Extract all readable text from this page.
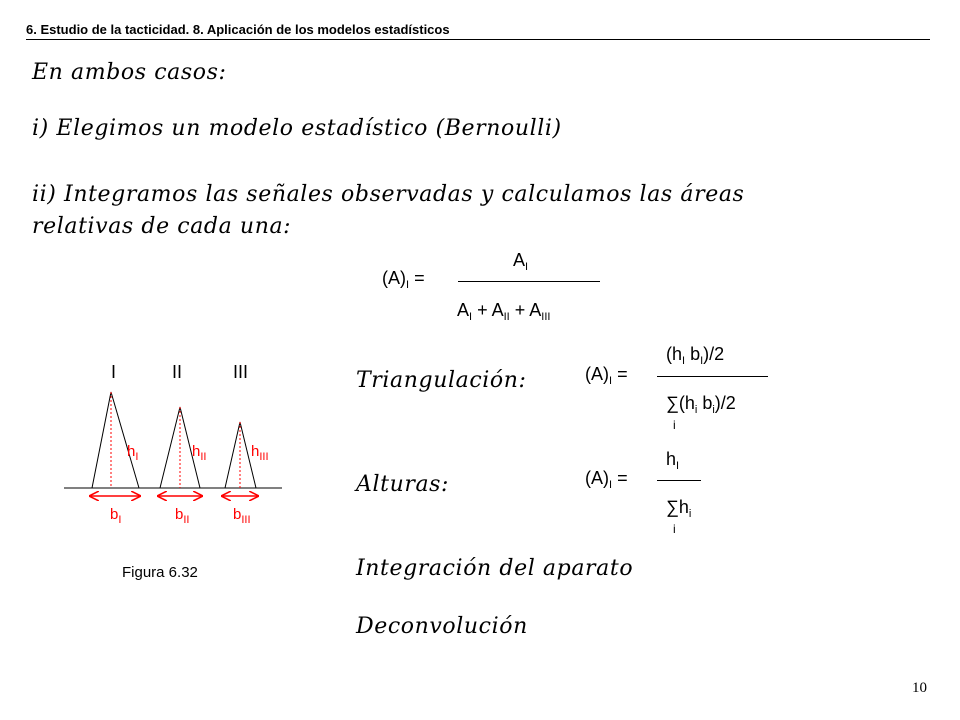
6. Estudio de la tacticidad. 8. Aplicación de los modelos estadísticos
En ambos casos:
i) Elegimos un modelo estadístico (Bernoulli)
ii) Integramos las señales observadas y calculamos las áreas
relativas de cada una:
$(A)_I$ =
$A_I$
$A_I + A_{II} + A_{III}$
I	II	III
$h_I$	$h_{II}$	$h_{III}$
$b_I$	$b_{II}$	$b_{III}$
Figura 6.32
Triangulación:
Alturas:
Integración del aparato
Deconvolución
$(A)_I$ =
($h_I$ $b_I)/2$
$\sum(h_i$ $b_i)/2$
i
$(A)_I$ =
$h_I$
$\sum h_i$
i
10
